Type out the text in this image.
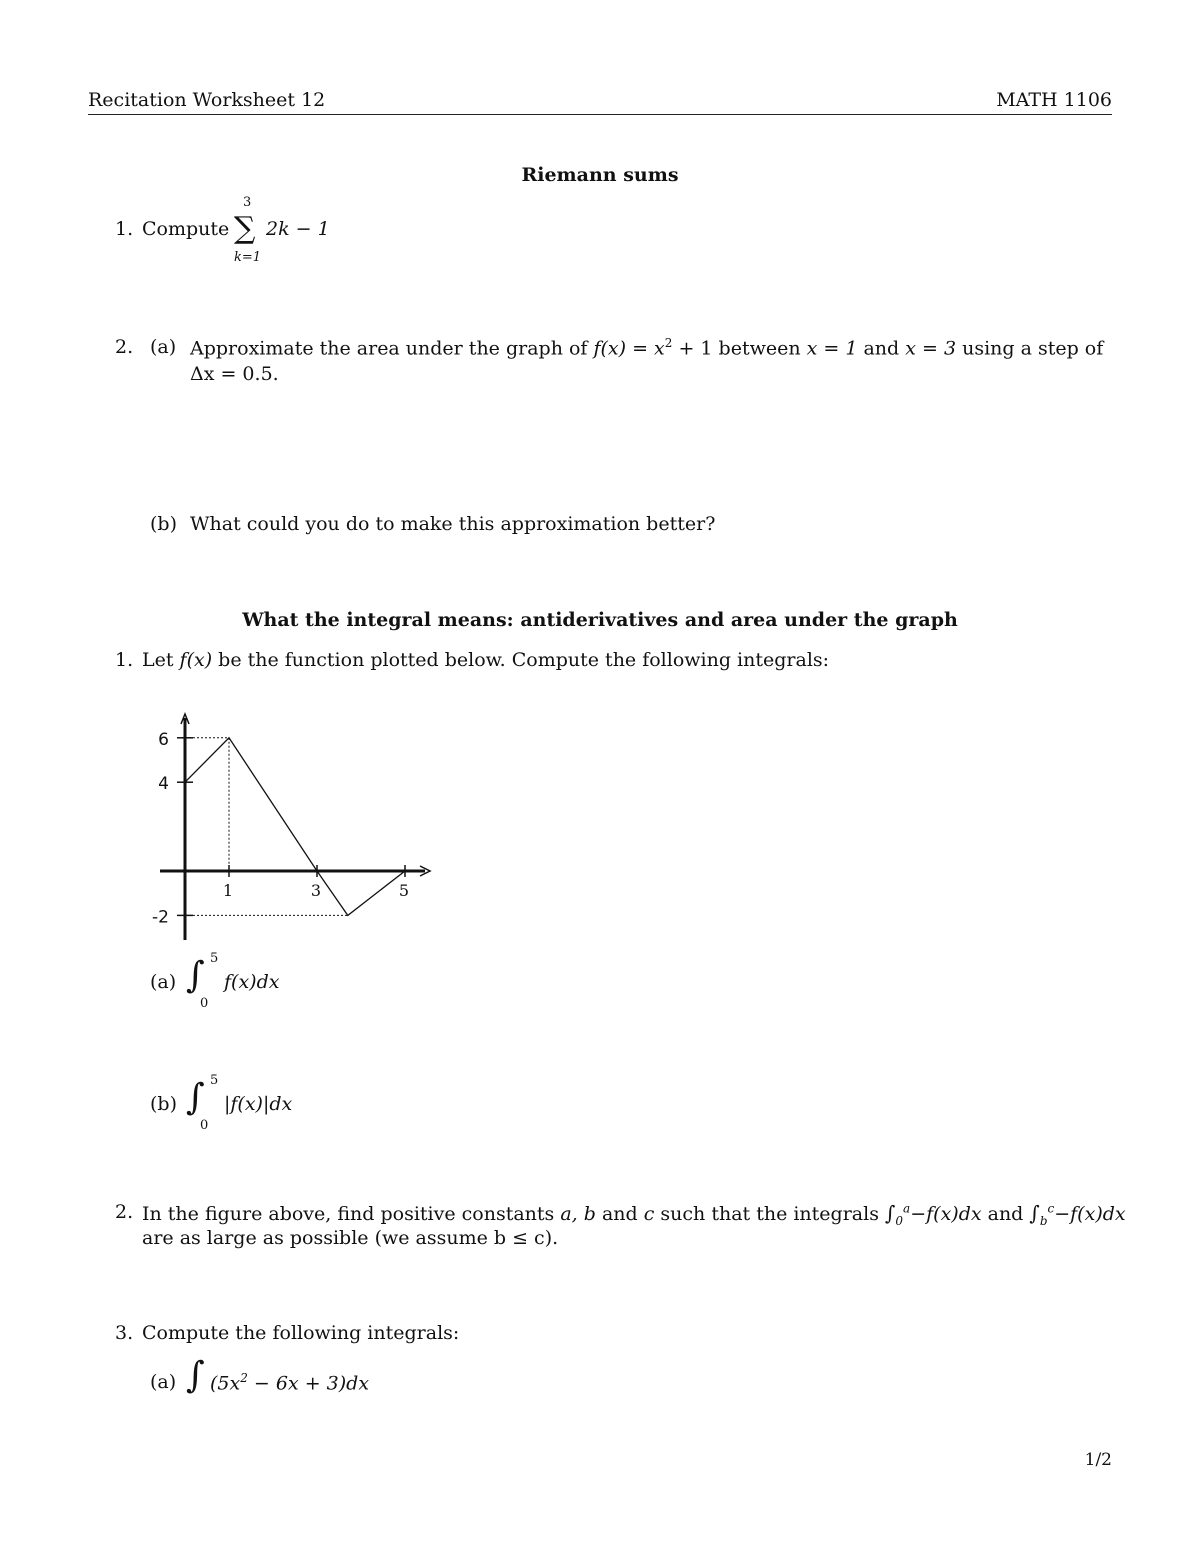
Recitation Worksheet 12	MATH 1106
Riemann sums
1. Compute
3
∑
k=1
2k − 1
2. (a) Approximate the area under the graph of $f(x) = x^2 + 1$ between x = 1 and x = 3 using a step of
Δx = 0.5.
(b) What could you do to make this approximation better?
What the integral means: antiderivatives and area under the graph
1. Let f(x) be the function plotted below. Compute the following integrals:
6
4
-2
1	3	5
(a) ∫ 5
0
f(x)dx
(b) ∫ 5
0
|f(x)|dx
2. In the figure above, find positive constants a, b and c such that the integrals $\int_0^a-f(x)dx$ and $\int_b^c-f(x)dx$
are as large as possible (we assume b ≤ c).
3. Compute the following integrals:
(a) ∫ $(5x^2 - 6x + 3)dx$
1/2
